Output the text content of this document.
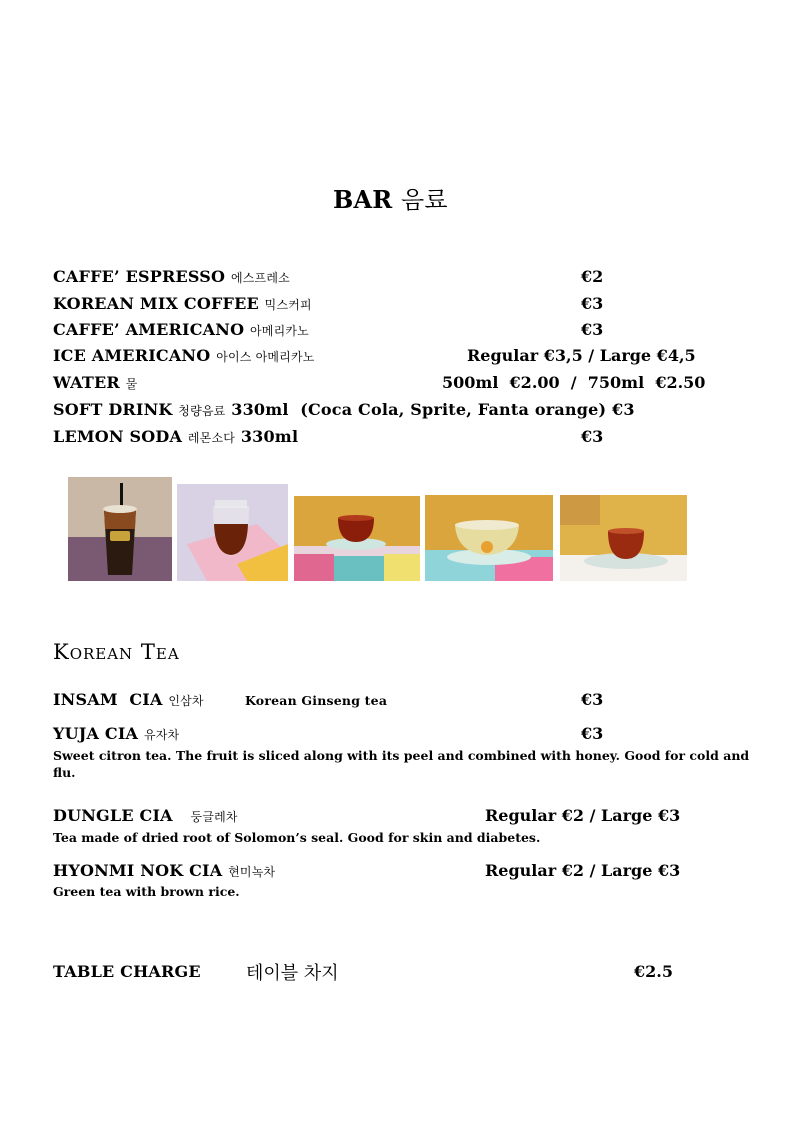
BAR 음료
CAFFE’ ESPRESSO 에스프레소	€2
KOREAN MIX COFFEE 믹스커피	€3
CAFFE’ AMERICANO 아메리카노	€3
ICE AMERICANO 아이스 아메리카노	Regular €3,5 / Large €4,5
WATER 물	500ml  €2.00  /  750ml  €2.50
SOFT DRINK 청량음료 330ml  (Coca Cola, Sprite, Fanta orange) €3
LEMON SODA 레몬소다 330ml	€3
Korean Tea
INSAM  CIA 인삼차	Korean Ginseng tea	€3
YUJA CIA 유자차	€3
Sweet citron tea. The fruit is sliced along with its peel and combined with honey. Good for cold and flu.
DUNGLE CIA 둥글레차	Regular €2 / Large €3
Tea made of dried root of Solomon’s seal. Good for skin and diabetes.
HYONMI NOK CIA 현미녹차	Regular €2 / Large €3
Green tea with brown rice.
TABLE CHARGE	테이블 차지	€2.5
